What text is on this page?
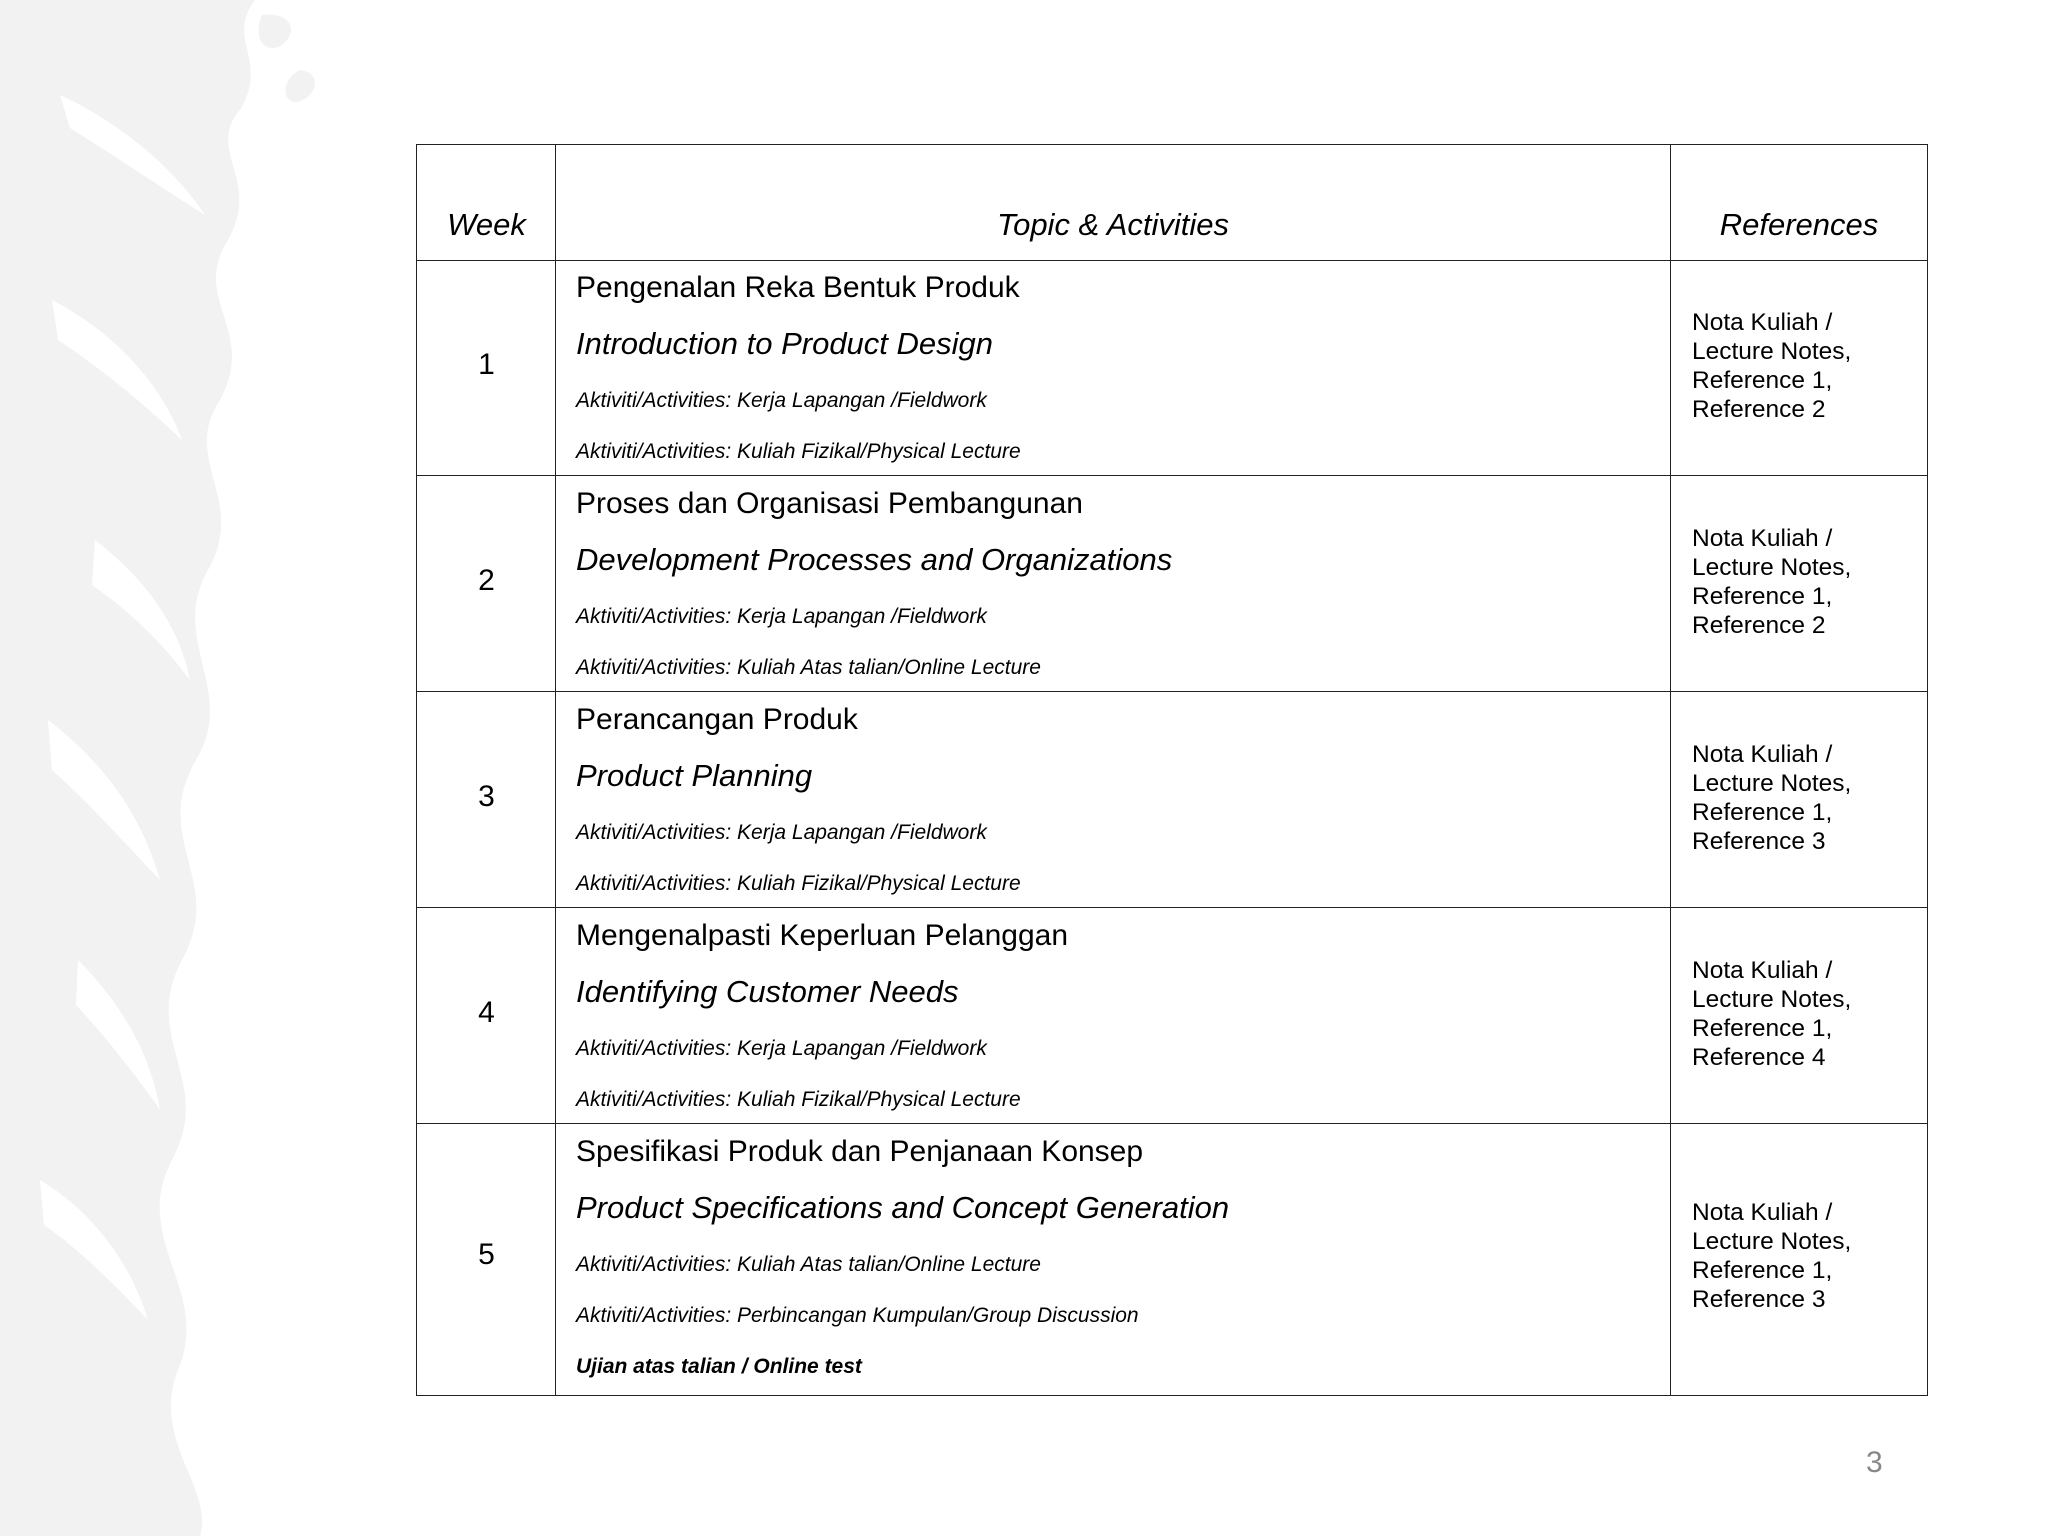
Week	Topic & Activities	References
1
Pengenalan Reka Bentuk Produk
Introduction to Product Design
Aktiviti/Activities: Kerja Lapangan /Fieldwork
Aktiviti/Activities: Kuliah Fizikal/Physical Lecture
Nota Kuliah /
Lecture Notes,
Reference 1,
Reference 2
2
Proses dan Organisasi Pembangunan
Development Processes and Organizations
Aktiviti/Activities: Kerja Lapangan /Fieldwork
Aktiviti/Activities: Kuliah Atas talian/Online Lecture
Nota Kuliah /
Lecture Notes,
Reference 1,
Reference 2
3
Perancangan Produk
Product Planning
Aktiviti/Activities: Kerja Lapangan /Fieldwork
Aktiviti/Activities: Kuliah Fizikal/Physical Lecture
Nota Kuliah /
Lecture Notes,
Reference 1,
Reference 3
4
Mengenalpasti Keperluan Pelanggan
Identifying Customer Needs
Aktiviti/Activities: Kerja Lapangan /Fieldwork
Aktiviti/Activities: Kuliah Fizikal/Physical Lecture
Nota Kuliah /
Lecture Notes,
Reference 1,
Reference 4
5
Spesifikasi Produk dan Penjanaan Konsep
Product Specifications and Concept Generation
Aktiviti/Activities: Kuliah Atas talian/Online Lecture
Aktiviti/Activities: Perbincangan Kumpulan/Group Discussion
Ujian atas talian / Online test
Nota Kuliah /
Lecture Notes,
Reference 1,
Reference 3
3
